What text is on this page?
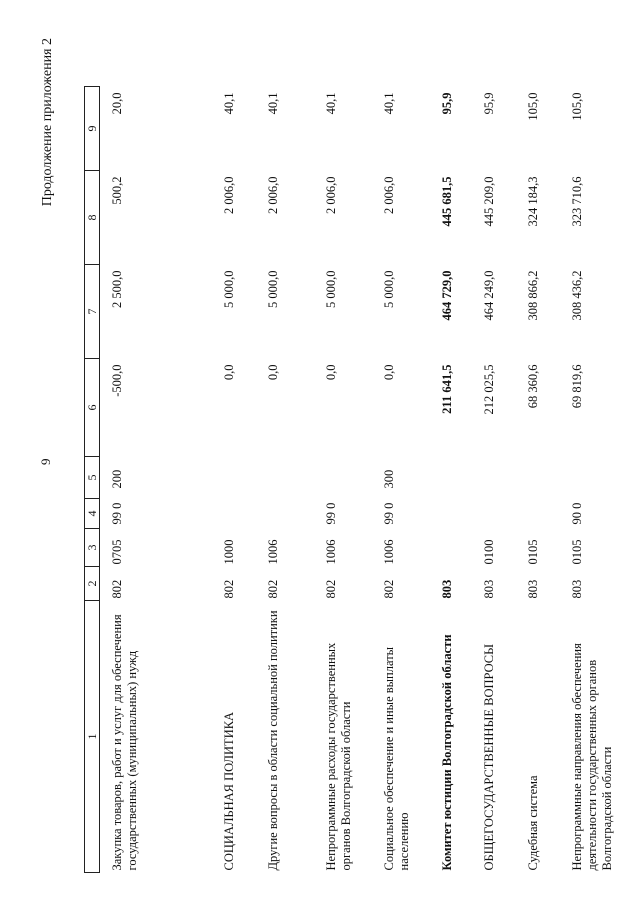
9
Продолжение приложения 2
1	2	3	4	5	6	7	8	9
Закупка товаров, работ и услуг для обеспечения государственных (муниципальных) нужд	802	0705	99 0	200	-500,0	2 500,0	500,2	20,0
СОЦИАЛЬНАЯ ПОЛИТИКА	802	1000			0,0	5 000,0	2 006,0	40,1
Другие вопросы в области социальной политики	802	1006			0,0	5 000,0	2 006,0	40,1
Непрограммные расходы государственных органов Волгоградской области	802	1006	99 0		0,0	5 000,0	2 006,0	40,1
Социальное обеспечение и иные выплаты населению	802	1006	99 0	300	0,0	5 000,0	2 006,0	40,1
Комитет юстиции Волгоградской области	803				211 641,5	464 729,0	445 681,5	95,9
ОБЩЕГОСУДАРСТВЕННЫЕ ВОПРОСЫ	803	0100			212 025,5	464 249,0	445 209,0	95,9
Судебная система	803	0105			68 360,6	308 866,2	324 184,3	105,0
Непрограммные направления обеспечения деятельности государственных органов Волгоградской области	803	0105	90 0		69 819,6	308 436,2	323 710,6	105,0
